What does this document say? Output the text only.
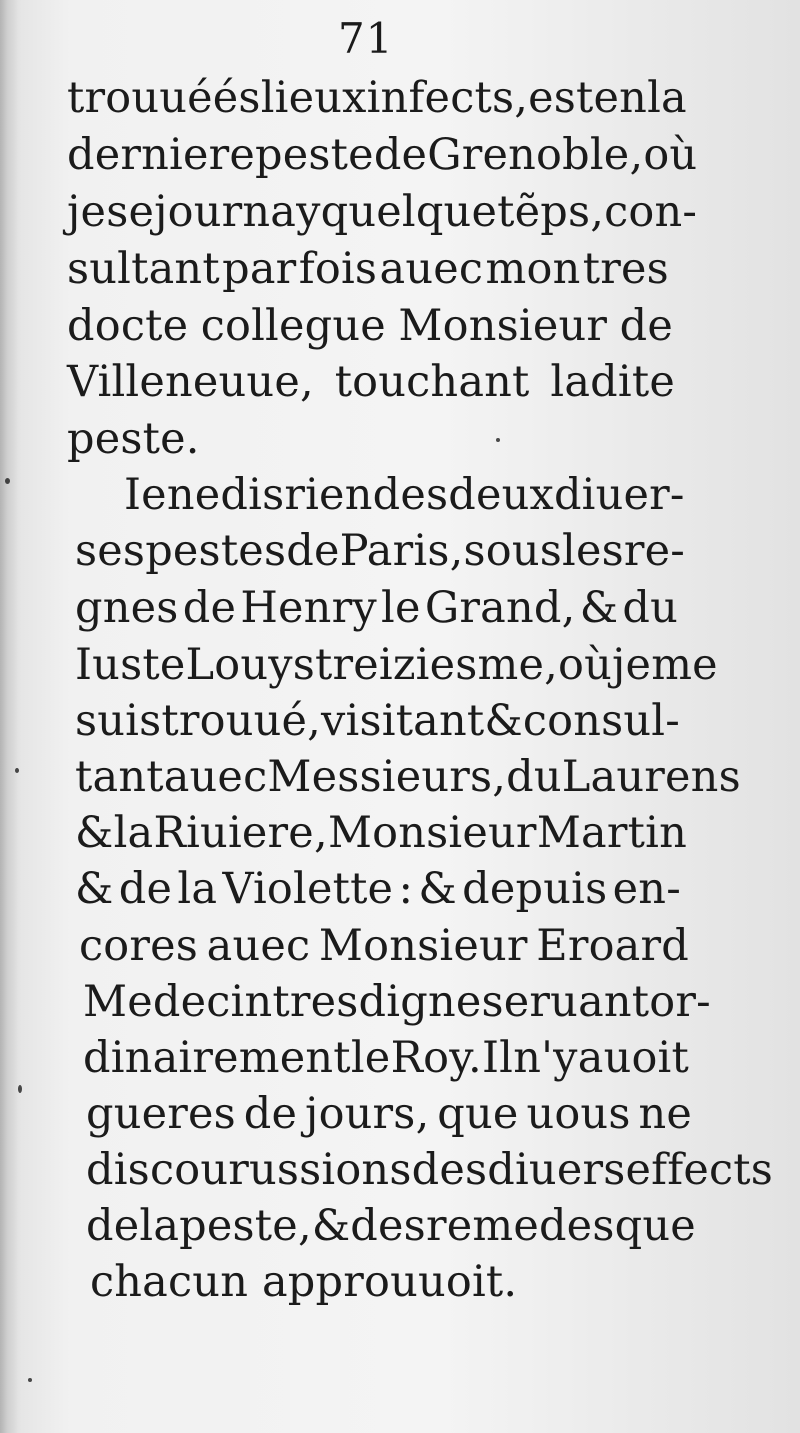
71
trouué és lieux infects, est en la
derniere peste de Grenoble, où
je sejournay quelque tẽps, con-
sultant par fois auec mon tres
docte collegue Monsieur de
Villeneuue, touchant ladite
peste.
Ie ne dis rien des deux diuer-
ses pestes de Paris, sous les re-
gnes de Henry le Grand, & du
Iuste Louys treiziesme, où je me
suis trouué, visitant & consul-
tant auec Messieurs, du Laurens
& la Riuiere, Monsieur Martin
& de la Violette : & depuis en-
cores auec Monsieur Eroard
Medecin tres digne seruant or-
dinairement le Roy. Il n'y auoit
gueres de jours, que uous ne
discourussions des diuers effects
de la peste, & des remedes que
chacun approuuoit.
